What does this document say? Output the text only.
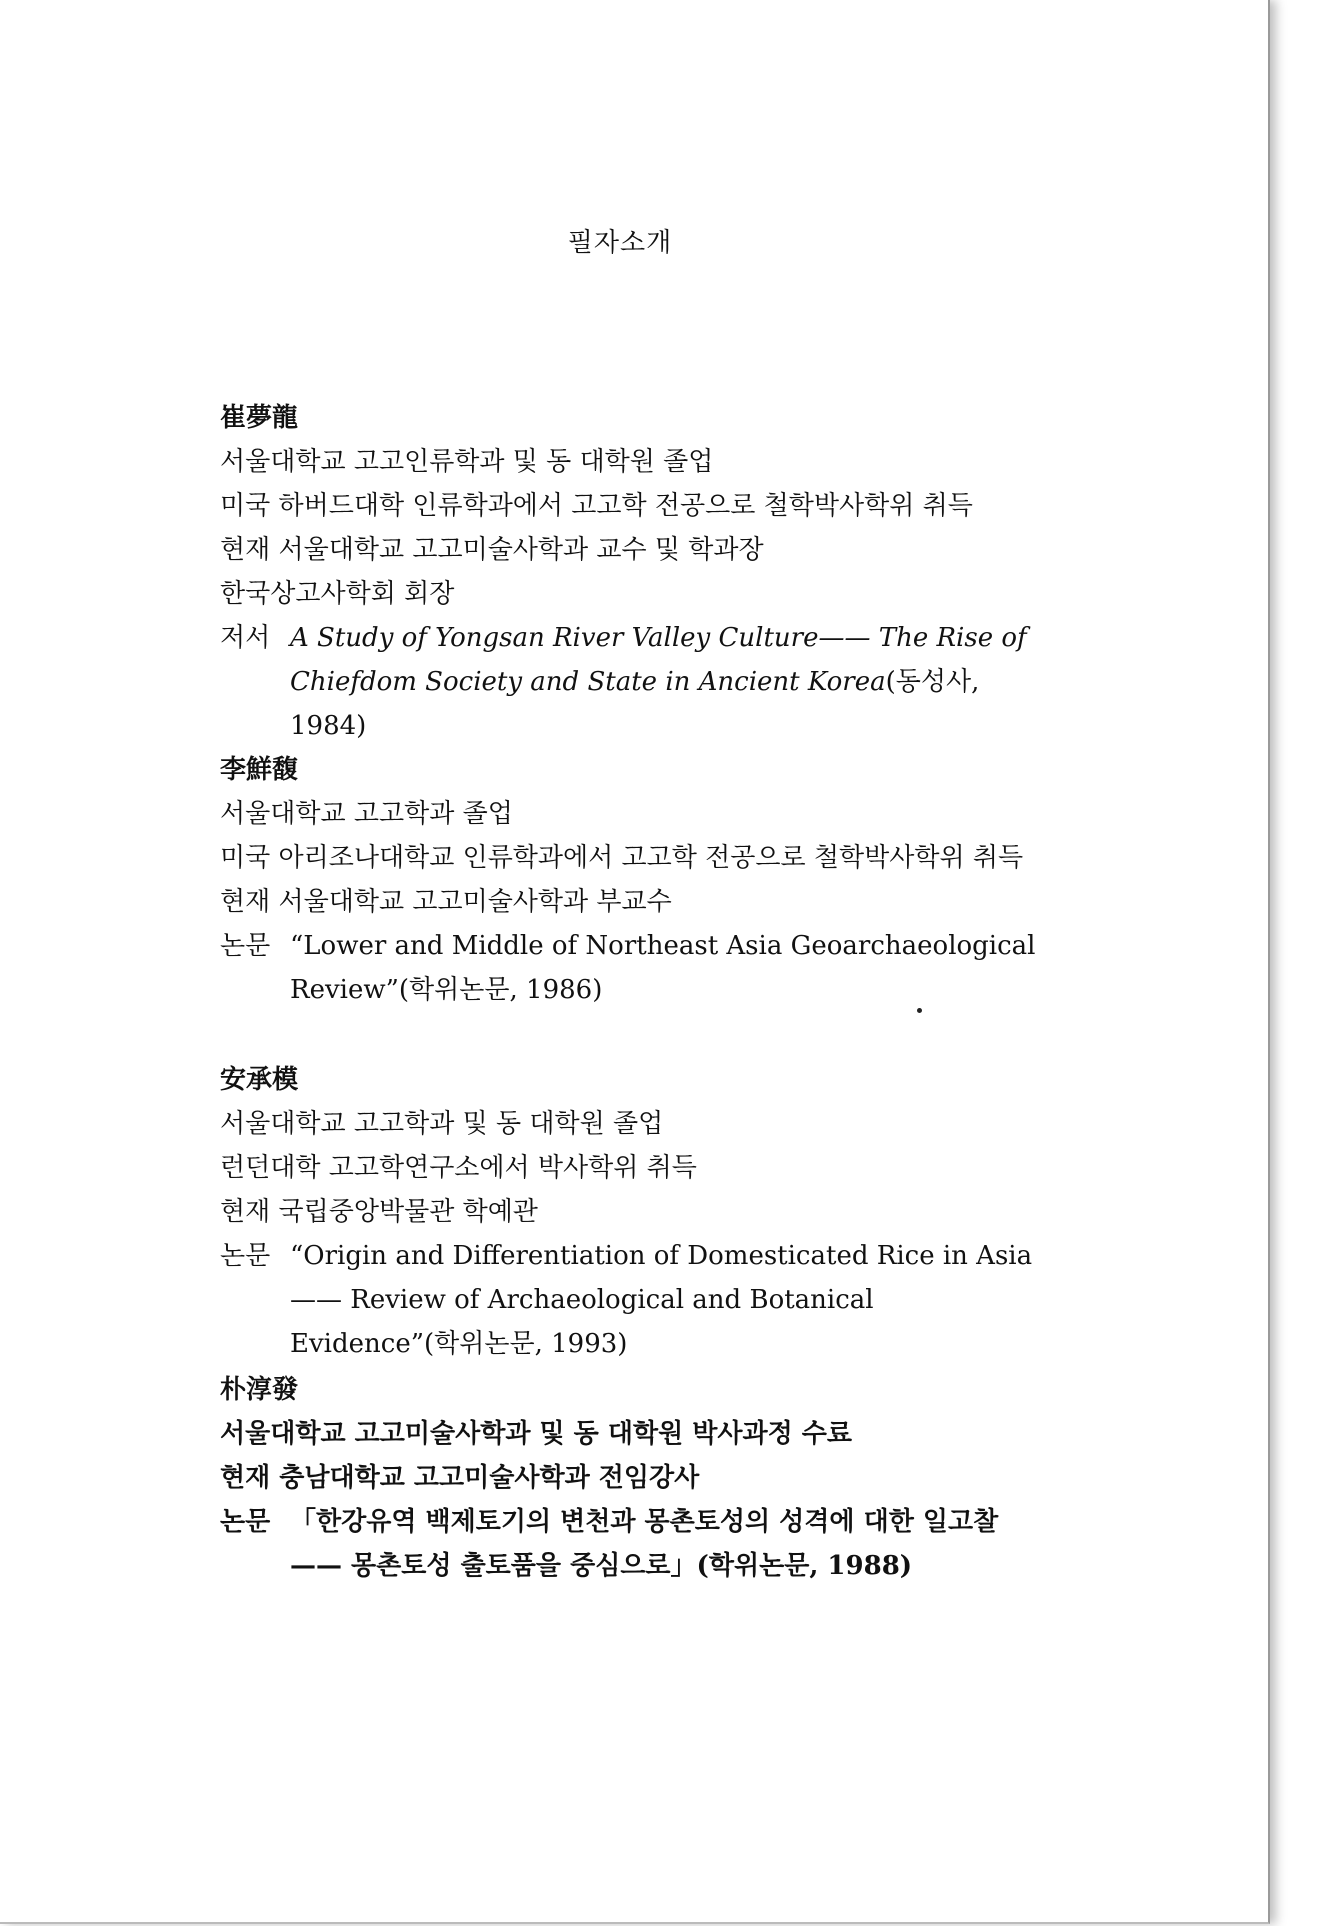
필자소개
崔夢龍
서울대학교 고고인류학과 및 동 대학원 졸업
미국 하버드대학 인류학과에서 고고학 전공으로 철학박사학위 취득
현재 서울대학교 고고미술사학과 교수 및 학과장
한국상고사학회 회장
저서 A Study of Yongsan River Valley Culture—— The Rise of Chiefdom Society and State in Ancient Korea(동성사, 1984)
李鮮馥
서울대학교 고고학과 졸업
미국 아리조나대학교 인류학과에서 고고학 전공으로 철학박사학위 취득
현재 서울대학교 고고미술사학과 부교수
논문 “Lower and Middle of Northeast Asia Geoarchaeological Review”(학위논문, 1986)
安承模
서울대학교 고고학과 및 동 대학원 졸업
런던대학 고고학연구소에서 박사학위 취득
현재 국립중앙박물관 학예관
논문 “Origin and Differentiation of Domesticated Rice in Asia—— Review of Archaeological and Botanical Evidence”(학위논문, 1993)
朴淳發
서울대학교 고고미술사학과 및 동 대학원 박사과정 수료
현재 충남대학교 고고미술사학과 전임강사
논문 「한강유역 백제토기의 변천과 몽촌토성의 성격에 대한 일고찰—— 몽촌토성 출토품을 중심으로」(학위논문, 1988)
